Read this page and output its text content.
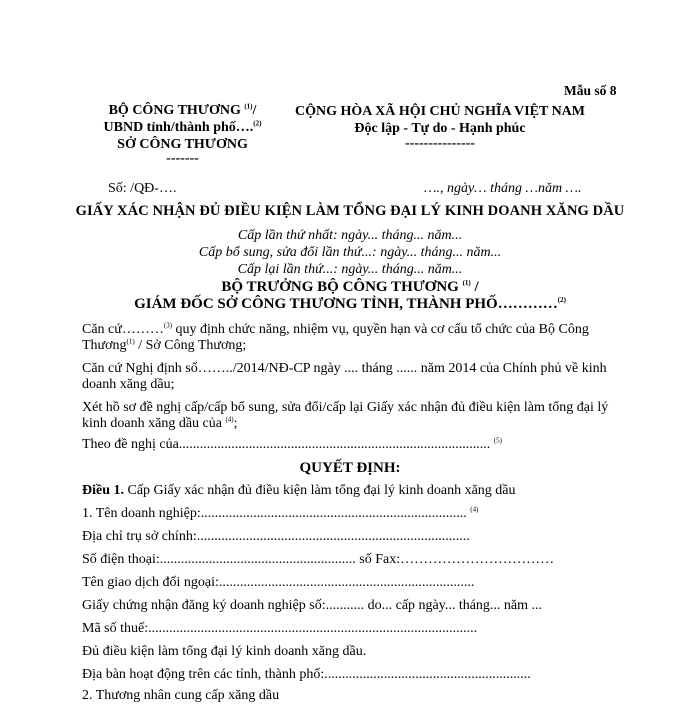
Mẫu số 8
BỘ CÔNG THƯƠNG $^{(1)}$/
UBND tỉnh/thành phố….$^{(2)}$
SỞ CÔNG THƯƠNG
-------
CỘNG HÒA XÃ HỘI CHỦ NGHĨA VIỆT NAM
Độc lập - Tự do - Hạnh phúc
---------------
Số: /QĐ-….	…., ngày… tháng …năm ….
GIẤY XÁC NHẬN ĐỦ ĐIỀU KIỆN LÀM TỔNG ĐẠI LÝ KINH DOANH XĂNG DẦU
Cấp lần thứ nhất: ngày... tháng... năm...
Cấp bổ sung, sửa đổi lần thứ...: ngày... tháng... năm...
Cấp lại lần thứ...: ngày... tháng... năm...
BỘ TRƯỞNG BỘ CÔNG THƯƠNG $^{(1)}$ /
GIÁM ĐỐC SỞ CÔNG THƯƠNG TỈNH, THÀNH PHỐ…………$^{(2)}$
Căn cứ………$^{(3)}$ quy định chức năng, nhiệm vụ, quyền hạn và cơ cấu tổ chức của Bộ Công
Thương$^{(1)}$ / Sở Công Thương;
Căn cứ Nghị định số……../2014/NĐ-CP ngày .... tháng ...... năm 2014 của Chính phủ về kinh
doanh xăng dầu;
Xét hồ sơ đề nghị cấp/cấp bổ sung, sửa đổi/cấp lại Giấy xác nhận đủ điều kiện làm tổng đại lý
kinh doanh xăng dầu của $^{(4)}$;
Theo đề nghị của......................................................................................... $^{(5)}$
QUYẾT ĐỊNH:
Điều 1. Cấp Giấy xác nhận đủ điều kiện làm tổng đại lý kinh doanh xăng dầu
1. Tên doanh nghiệp:............................................................................ $^{(4)}$
Địa chỉ trụ sở chính:..............................................................................
Số điện thoại:........................................................ số Fax:……………………………
Tên giao dịch đối ngoại:.........................................................................
Giấy chứng nhận đăng ký doanh nghiệp số:........... do... cấp ngày... tháng... năm ...
Mã số thuế:..............................................................................................
Đủ điều kiện làm tổng đại lý kinh doanh xăng dầu.
Địa bàn hoạt động trên các tỉnh, thành phố:...........................................................
2. Thương nhân cung cấp xăng dầu
